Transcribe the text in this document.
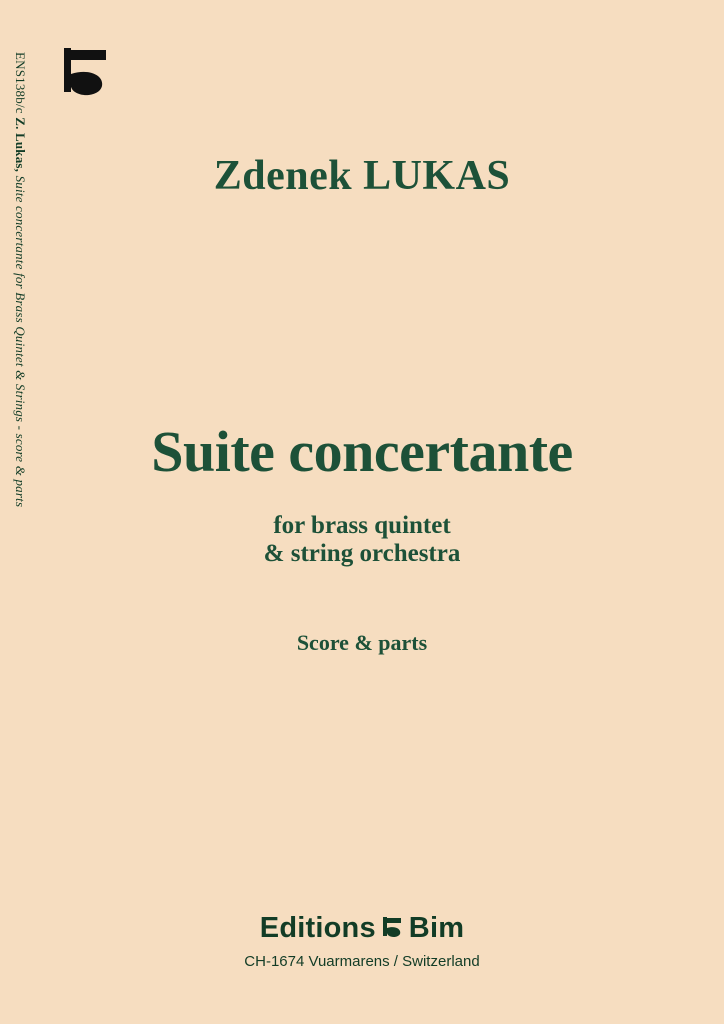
ENS138b/c Z. Lukas, Suite concertante for Brass Quintet & Strings - score & parts	Zdenek LUKAS
Suite concertante
for brass quintet
& string orchestra
Score & parts
Editions Bim
CH-1674 Vuarmarens / Switzerland
